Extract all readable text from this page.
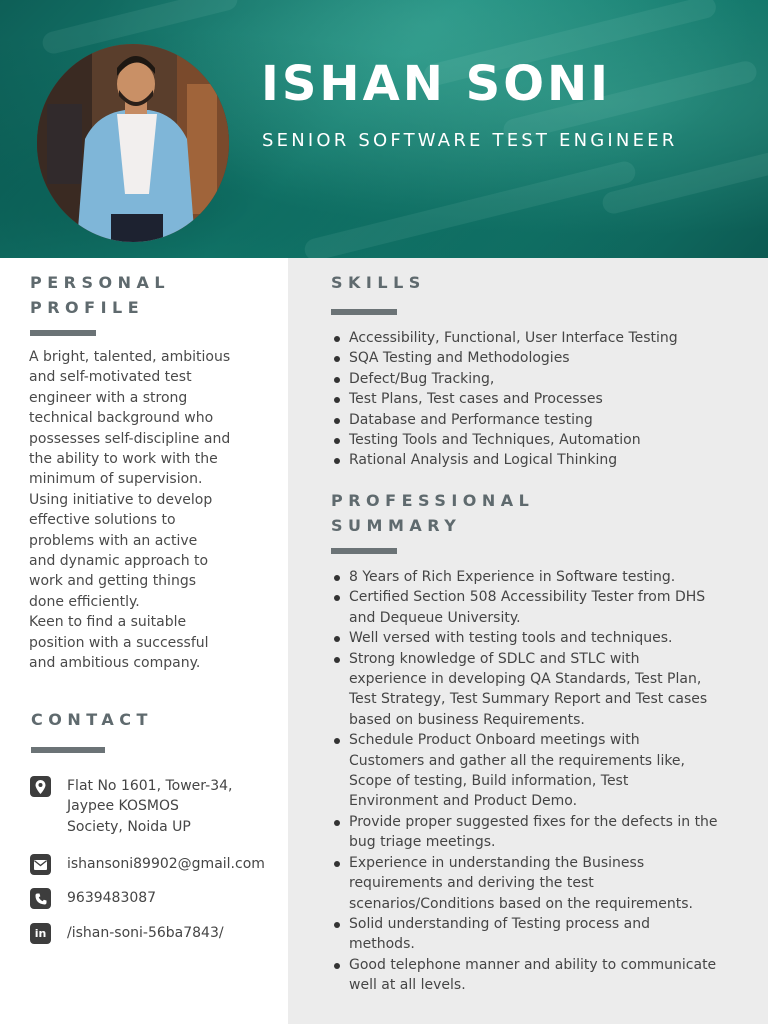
ISHAN SONI
SENIOR SOFTWARE TEST ENGINEER
PERSONAL
PROFILE

A bright, talented, ambitious

and self-motivated test

engineer with a strong

technical background who

possesses self-discipline and

the ability to work with the

minimum of supervision.

Using initiative to develop

effective solutions to

problems with an active

and dynamic approach to

work and getting things

done efficiently.

Keen to find a suitable

position with a successful

and ambitious company.

CONTACT
Flat No 1601, Tower-34,
Jaypee KOSMOS
Society, Noida UP
ishansoni89902@gmail.com
9639483087
in /ishan-soni-56ba7843/
SKILLS
Accessibility, Functional, User Interface Testing
SQA Testing and Methodologies
Defect/Bug Tracking,
Test Plans, Test cases and Processes
Database and Performance testing
Testing Tools and Techniques, Automation
Rational Analysis and Logical Thinking
PROFESSIONAL
SUMMARY
8 Years of Rich Experience in Software testing.
Certified Section 508 Accessibility Tester from DHS
and Dequeue University.
Well versed with testing tools and techniques.
Strong knowledge of SDLC and STLC with
experience in developing QA Standards, Test Plan,
Test Strategy, Test Summary Report and Test cases
based on business Requirements.
Schedule Product Onboard meetings with
Customers and gather all the requirements like,
Scope of testing, Build information, Test
Environment and Product Demo.
Provide proper suggested fixes for the defects in the
bug triage meetings.
Experience in understanding the Business
requirements and deriving the test
scenarios/Conditions based on the requirements.
Solid understanding of Testing process and
methods.
Good telephone manner and ability to communicate
well at all levels.
